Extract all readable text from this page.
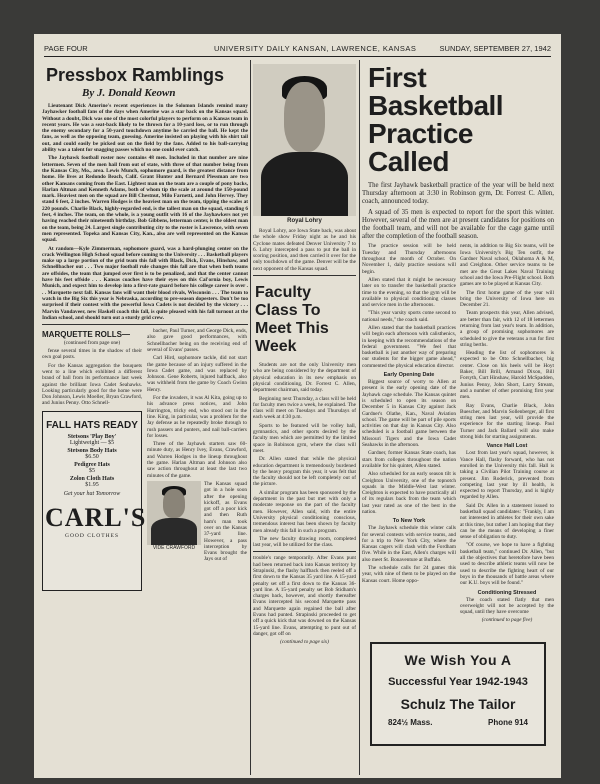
PAGE FOUR	UNIVERSITY DAILY KANSAN, LAWRENCE, KANSAS	SUNDAY, SEPTEMBER 27, 1942
Pressbox Ramblings
By J. Donald Keown

Lieutenant Dick Amerine's recent experiences in the Solomon Islands remind many Jayhawker football fans of the days when Amerine was a star back on the Kansas squad. Without a doubt, Dick was one of the most colorful players to perform on a Kansas team in recent years. He was a seat-back likely to be thrown for a 10-yard loss, or to run through the enemy secondary for a 50-yard touchdown anytime he carried the ball. He kept the fans, as well as the opposing team, guessing. Amerine insisted on playing with his shirt tail out, and could easily be picked out on the field by the fans. Added to his ball-carrying ability was a talent for snagging passes which no one could ever catch.

The Jayhawk football roster now contains 48 men. Included in that number are nine lettermen. Seven of the men hail from out of state, with three of that number being from the Kansas City, Mo., area. Lewis Munch, sophomore guard, is the greatest distance from home. He lives at Redondo Beach, Calif. Grant Hunter and Bernard Plessman are two other Kansans coming from the East. Lightest man on the team are a couple of pony backs, Harlan Altman and Kenneth Adams, both of whom tip the scale at around the 150-pound mark. Heaviest men on the squad are Bill Chestnut, Milo Farnetti, and John Hervey. They stand 6 feet, 2 inches. Warren Hodges is the heaviest man on the team, tipping the scales at 220 pounds. Charlie Black, highly-regarded end, is the tallest man on the squad, standing 6 feet, 4 inches. The team, on the whole, is a young outfit with 16 of the Jayhawkers not yet having reached their nineteenth birthday. Bob Gibbens, letterman center, is the oldest man on the team, being 24. Largest single contributing city to the roster is Lawrence, with seven men represented. Topeka and Kansas City, Kan., also are well represented on the Kansas squad.

At random—Kyle Zimmerman, sophomore guard, was a hard-plunging center on the crack Wellington High School squad before coming to the University . . . Basketball players make up a large portion of the grid team this fall with Black, Dick, Evans, Hinshaw, and Schnellbacher out . . . Two major football rule changes this fall are that when both teams are offsides, the team that jumped over first is to be penalized, and that the center cannot have his feet offside . . . Kansas coaches have their eyes on this Cal'ornia boy, Lewis Munich, and expect him to develop into a first-rate guard before his college career is over . . . Marquette next fall. Kansas fans will want their blood rivals, Wisconsin . . . The team to watch in the Big Six this year is Nebraska, according to pre-season dopesters. Don't be too surprised if their contest with the powerful Iowa Cadets is not decided by the victory . . . Marvin Vandaveer, new Haskell coach this fall, is quite pleased with his fall turnout at the Indian school, and should turn out a sturdy grid crew.

MARQUETTE ROLLS—
(continued from page one)

fense several times in the shadow of their own goal posts.

For the Kansas aggregation the bouquets went to a line which exhibited a different brand of ball from its performance last week against the brilliant Iowa Cadet Seahawks. Looking particularly good for the home were Don Johnson, Lewis Moeller, Bryan Crawford, and Junius Penny. Otto Schnell-

FALL HATS READY
Stetsons 'Play Boy'
Lightweight — $5
Stetsons Body Hats
$6.50
Pedigree Hats
$5
Zolon Cloth Hats
$1.95
Get your hat Tomorrow
CARL'S
GOOD CLOTHES

bacher, Paul Turner, and George Dick, ends, also gave good performances, with Schnellbacher being on the receiving end of several of Evans' passes.

Carl Hird, sophomore tackle, did not start the game because of an injury suffered in the Iowa Cadet game, and was replaced by Johnson. Gene Roberts, injured halfback, also was withheld from the game by Coach Gwinn Henry.

For the invaders, it was Al Kita, going up to his advance press notices, and John Harrington, tricky end, who stood out in the line. King, in particular, was a problem for the Jay defense as he repeatedly broke through to rush passers and punters, and nail ball-carriers for losses.

Three of the Jayhawk starters saw 60-minute duty, as Henry Ivey, Evans, Crawford, and Warren Hodges in the lineup throughout the game. Harlan Altman and Johnson also saw action throughout at least the last two minutes of the game.

VIDE CRAWFORD

The Kansas squad got in a hole soon after the opening kickoff, as Evans got off a poor kick and then Ruth ham's man took over on the Kansas 37-yard line. However, a pass interception by Evans brought the Jays out of

Royal Lohry

Royal Lohry, ace Iowa State back, was about the whole show Friday night as he and his Cyclone mates defeated Denver University 7 to 6. Lohry intercepted a pass to put the ball in scoring position, and then carried it over for the only touchdown of the game. Denver will be the next opponent of the Kansas squad.

Faculty Class To Meet This Week

Students are not the only University men who are being considered by the department of physical education in its new emphasis on physical conditioning, Dr. Forrest C. Allen, department chairman, said today.

Beginning next Thursday, a class will be held for faculty men twice a week, he explained. The class will meet on Tuesdays and Thursdays of each week at 4:30 p.m.

Sports to be featured will be volley ball, gymnastics, and other sports desired by the faculty men which are permitted by the limited space in Robinson gym, where the class will meet.

Dr. Allen stated that while the physical education department is tremendously burdened by the heavy program this year, it was felt that the faculty should not be left completely out of the picture.

A similar program has been sponsored by the department in the past but met with only a moderate response on the part of the faculty men. However, Allen said, with the entire University physical conditioning conscious, tremendous interest has been shown by faculty men already this fall in such a program.

The new faculty drawing room, completed last year, will be utilized for the class.

trouble's range temporarily. After Evans punt had been returned back into Kansas territory by Strapinski, the flashy halfback then reeled off a first down to the Kansas 35 yard line. A 15-yard penalty set off a first down to the Kansas 36-yard line. A 15-yard penalty set Bob Stidham's charges back, however, and shortly thereafter Evans intercepted his second Marquette pass and Marquette again regained the ball after Evans had punted. Strapinski proceeded to get off a quick kick that was downed on the Kansas 15-yard line. Evans, attempting to punt out of danger, got off on

(continued to page six)
First Basketball Practice Called

The first Jayhawk basketball practice of the year will be held next Thursday afternoon at 3:30 in Robinson gym, Dr. Forrest C. Allen, coach, announced today.

A squad of 35 men is expected to report for the sport this winter. However, several of the men are at present candidates for positions on the football team, and will not be available for the cage game until after the completion of the football season.

The practice session will be held Tuesday and Thursday afternoons throughout the month of October. On November 1, daily practice sessions will begin.

Allen stated that it might be necessary later on to transfer the basketball practice time to the evening, so that the gym will be available to physical conditioning classes and service men in the afternoons.

"This year varsity sports come second to national needs," the coach said.

Allen stated that the basketball practices will begin each afternoon with calisthenics, in keeping with the recommendations of the federal government. "We feel that basketball is just another way of preparing our students for the bigger game ahead," commented the physical education director.

Early Opening Date

Biggest source of worry to Allen at present is the early opening date of the Jayhawk cage schedule. The Kansas quintet is scheduled to open its season on December 5 in Kansas City against Jack Gardner's Olathe, Kan., Naval Aviation school. The game will be part of pile sports activities on that day in Kansas City. Also scheduled is a football game between the Missouri Tigers and the Iowa Cadet Seahawks in the afternoon.

Gardner, former Kansas State coach, has stars from colleges throughout the nation available for his quintet, Allen stated.

Also scheduled for an early season tilt is Creighton University, one of the topnotch squads in the Middle-West last winter. Creighton is expected to have practically all of its regulars back from the team which last year rated as one of the best in the nation.

To New York

The Jayhawk schedule this winter calls for several contests with service teams, and for a trip to New York City, where the Kansas cagers will clash with the Fordham five. While in the East, Allen's charges will also meet St. Bonaventure at Buffalo.

The schedule calls for 24 games this year, with nine of them to be played on the Kansas court. Home oppo-

nents, in addition to Big Six teams, will be Iowa University's Big Ten outfit, the Gardner Naval school, Oklahoma A & M, and Creighton. Other service teams to be met are the Great Lakes Naval Training school and the Iowa Pre-Flight school. Both games are to be played at Kansas City.

The first home game of the year will bring the University of Iowa here on December 21.

Team prospects this year, Allen advised, are better than fair, with 12 of 18 lettermen returning from last year's team. In addition, a group of promising sophomores are scheduled to give the veterans a run for first string berths.

Heading the list of sophomores is expected to be Otto Schnellbacher, big center. Close on his heels will be Hoyt Baker, Bill Brill, Armand Dixon, Bill Forsyth, Curt Hinshaw, Harold McSpadden, Junius Penny, John Short, Larry Stream, and a number of other promising first year men.

Ray Evans, Charlie Black, John Buescher, and Marvin Sollenberger, all first string men last year, will provide the experience for the starting lineup. Paul Turner and Jack Ballard will also make strong bids for starting assignments.

Vance Hall Lost

Lost from last year's squad, however, is Vance Hall, flashy forward, who has not enrolled in the University this fall. Hall is taking a Civilian Pilot Training course at present. Jim Roderick, prevented from competing last year by ill health, is expected to report Thursday, and is highly regarded by Allen.

Said Dr. Allen in a statement issued to basketball squad candidates: "Frankly, I am not interested in athletes for their own sake at this time, but rather I am hoping that they can be the means of developing a finer sense of obligation to duty.

"Of course, we hope to have a fighting basketball team," continued Dr. Allen, "but all the objectives that heretofore have been used to describe athletic teams will now be used to describe the fighting heart of our boys in the thousands of battle areas where our K.U. boys will be found."

Conditioning Stressed

The coach stated flatly that men overweight will not be accepted by the squad, until they have overcome

(continued to page five)
We Wish You A
Successful Year 1942-1943
Schulz The Tailor
824½ Mass.	Phone 914
